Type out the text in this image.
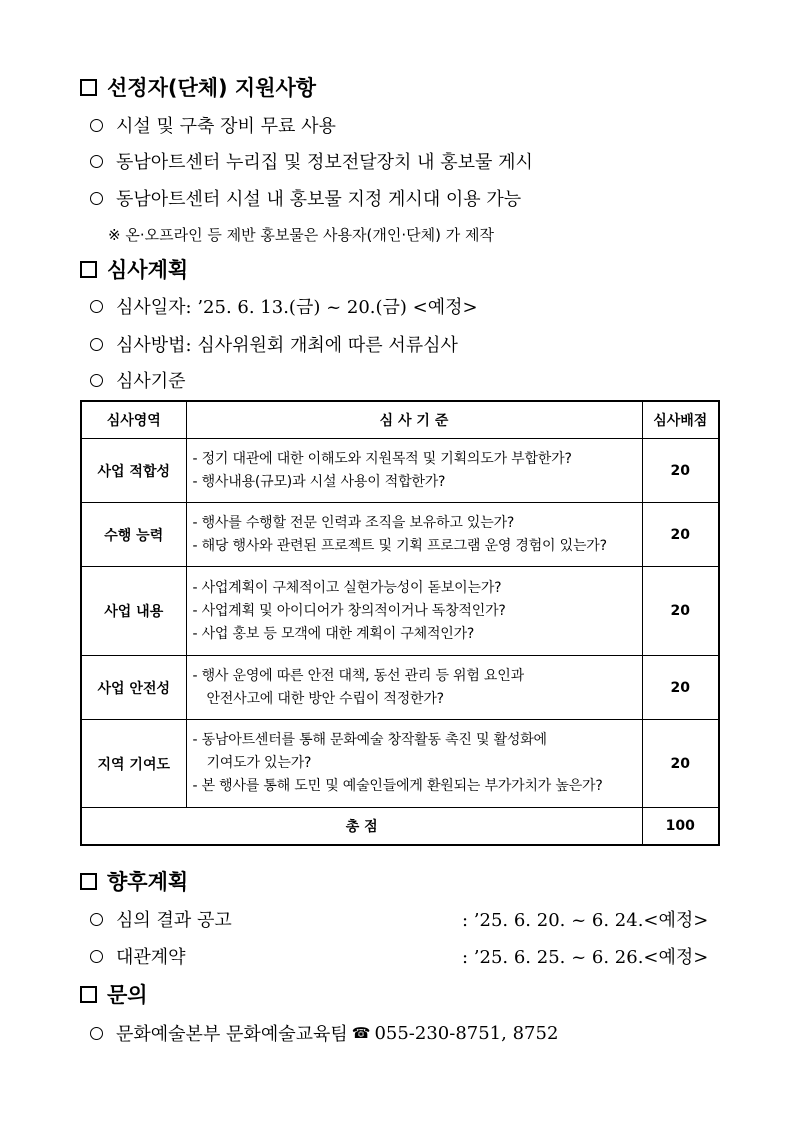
선정자(단체) 지원사항
시설 및 구축 장비 무료 사용
동남아트센터 누리집 및 정보전달장치 내 홍보물 게시
동남아트센터 시설 내 홍보물 지정 게시대 이용 가능
※ 온·오프라인 등 제반 홍보물은 사용자(개인·단체) 가 제작
심사계획
심사일자: ’25. 6. 13.(금) ~ 20.(금) <예정>
심사방법: 심사위원회 개최에 따른 서류심사
심사기준
심사영역	심 사 기 준	심사배점
사업 적합성	- 정기 대관에 대한 이해도와 지원목적 및 기획의도가 부합한가?
- 행사내용(규모)과 시설 사용이 적합한가?	20
수행 능력	- 행사를 수행할 전문 인력과 조직을 보유하고 있는가?
- 해당 행사와 관련된 프로젝트 및 기획 프로그램 운영 경험이 있는가?	20
사업 내용	- 사업계획이 구체적이고 실현가능성이 돋보이는가?
- 사업계획 및 아이디어가 창의적이거나 독창적인가?
- 사업 홍보 등 모객에 대한 계획이 구체적인가?	20
사업 안전성	- 행사 운영에 따른 안전 대책, 동선 관리 등 위험 요인과
안전사고에 대한 방안 수립이 적정한가?	20
지역 기여도	- 동남아트센터를 통해 문화예술 창작활동 촉진 및 활성화에
기여도가 있는가?
- 본 행사를 통해 도민 및 예술인들에게 환원되는 부가가치가 높은가?	20
총 점		100
향후계획
심의 결과 공고	: ’25. 6. 20. ~ 6. 24.<예정>
대관계약	: ’25. 6. 25. ~ 6. 26.<예정>
문의
문화예술본부 문화예술교육팀 ☎ 055-230-8751, 8752
